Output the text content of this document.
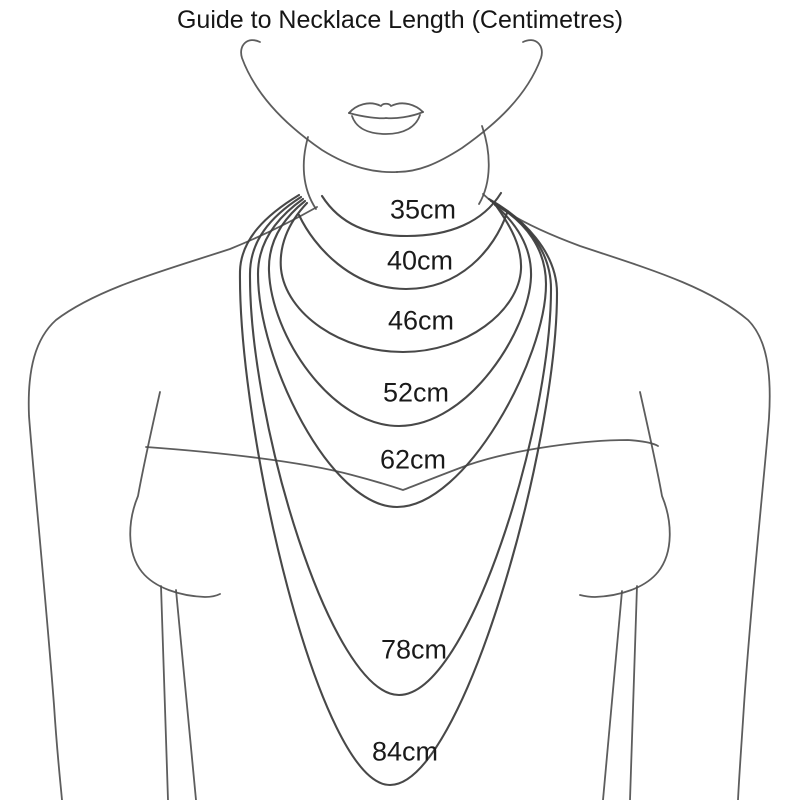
Guide to Necklace Length (Centimetres)
35cm
40cm
46cm
52cm
62cm
78cm
84cm
